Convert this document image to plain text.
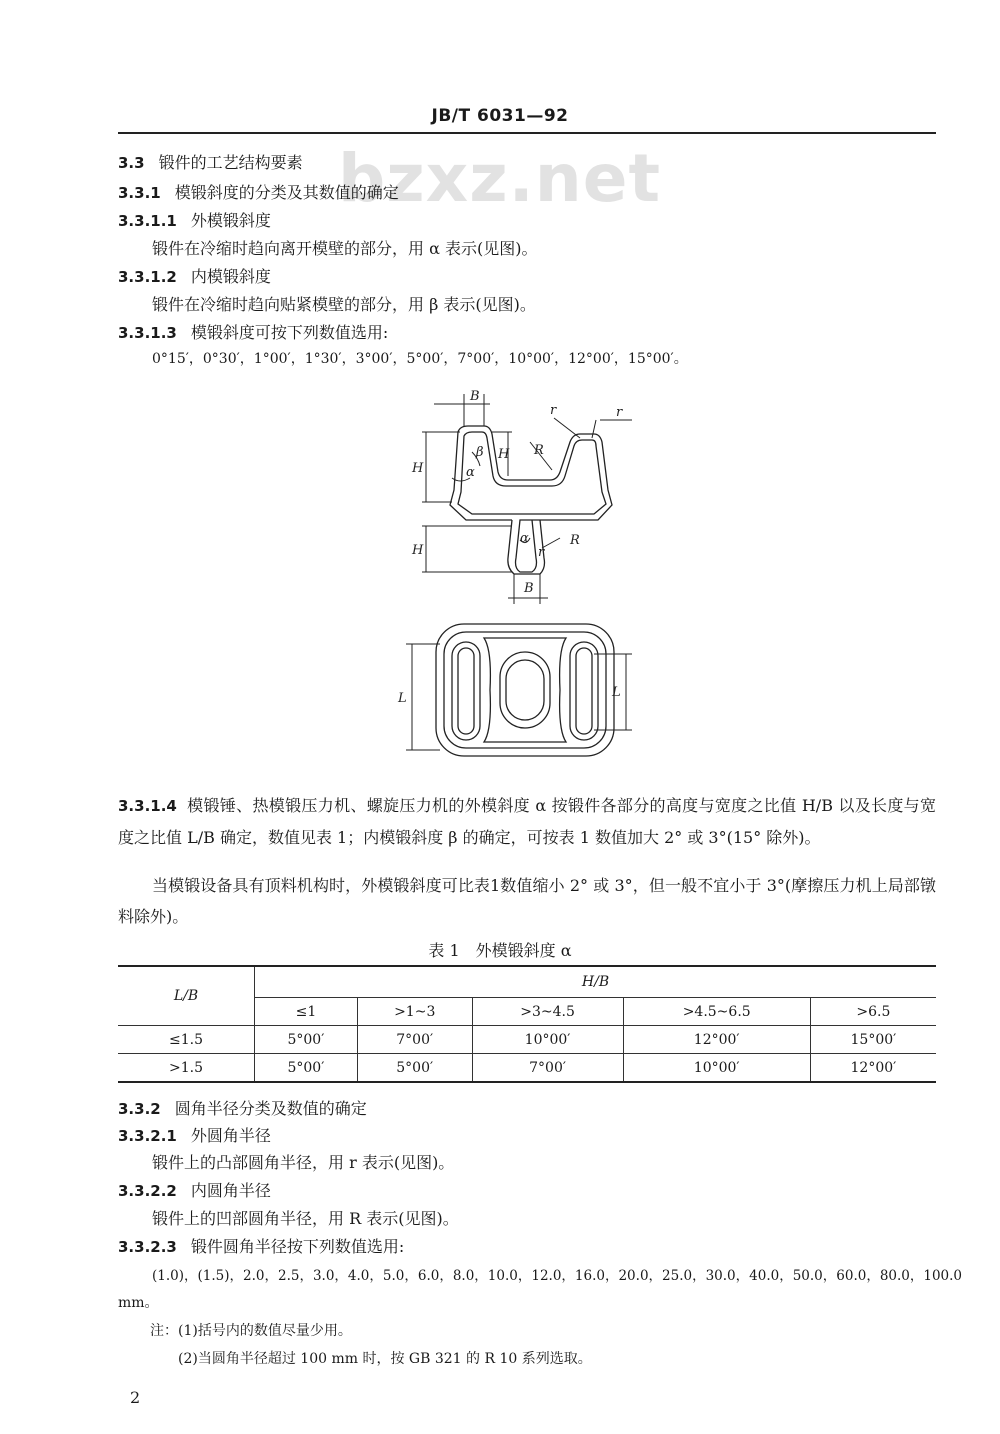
JB/T 6031—92
bzxz.net
3.3 锻件的工艺结构要素
3.3.1 模锻斜度的分类及其数值的确定
3.3.1.1 外模锻斜度
锻件在冷缩时趋向离开模壁的部分，用 α 表示(见图)。
3.3.1.2 内模锻斜度
锻件在冷缩时趋向贴紧模壁的部分，用 β 表示(见图)。
3.3.1.3 模锻斜度可按下列数值选用:
0°15′，0°30′，1°00′，1°30′，3°00′，5°00′，7°00′，10°00′，12°00′，15°00′。
B
H
H
β
α
r	r
R
H
α
r
R
B
L	L
3.3.1.4 模锻锤、热模锻压力机、螺旋压力机的外模斜度 α 按锻件各部分的高度与宽度之比值 H/B 以及长度与宽度之比值 L/B 确定，数值见表 1；内模锻斜度 β 的确定，可按表 1 数值加大 2° 或 3°(15° 除外)。
当模锻设备具有顶料机构时，外模锻斜度可比表1数值缩小 2° 或 3°，但一般不宜小于 3°(摩擦压力机上局部镦料除外)。
表 1　外模锻斜度 α
L/B	H/B				
	≤1	>1~3	>3~4.5	>4.5~6.5	>6.5
≤1.5	5°00′	7°00′	10°00′	12°00′	15°00′
>1.5	5°00′	5°00′	7°00′	10°00′	12°00′
3.3.2 圆角半径分类及数值的确定
3.3.2.1 外圆角半径
锻件上的凸部圆角半径，用 r 表示(见图)。
3.3.2.2 内圆角半径
锻件上的凹部圆角半径，用 R 表示(见图)。
3.3.2.3 锻件圆角半径按下列数值选用:
(1.0)，(1.5)，2.0，2.5，3.0，4.0，5.0，6.0，8.0，10.0，12.0，16.0，20.0，25.0，30.0，40.0，50.0，60.0，80.0，100.0
mm。
注：(1)括号内的数值尽量少用。
(2)当圆角半径超过 100 mm 时，按 GB 321 的 R 10 系列选取。
2
